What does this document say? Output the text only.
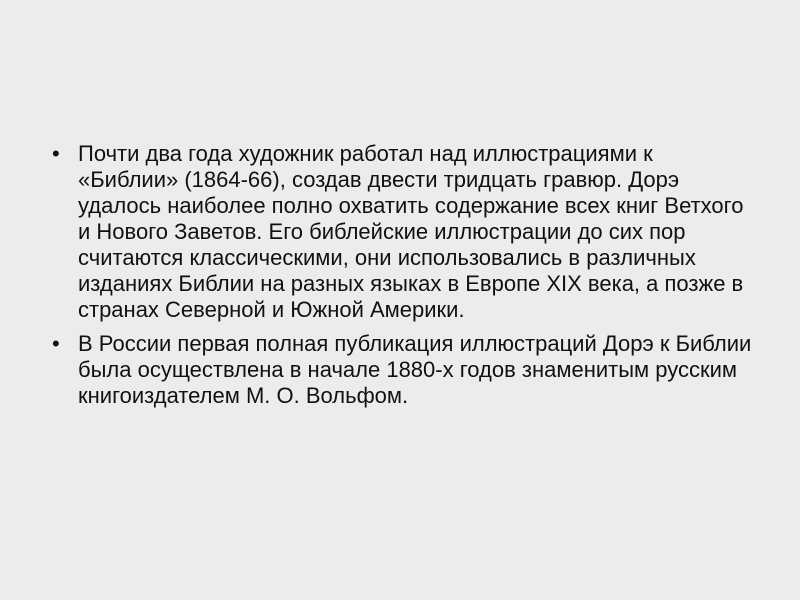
• Почти два года художник работал над иллюстрациями к «Библии» (1864-66), создав двести тридцать гравюр. Дорэ удалось наиболее полно охватить содержание всех книг Ветхого и Нового Заветов. Его библейские иллюстрации до сих пор считаются классическими, они использовались в различных изданиях Библии на разных языках в Европе XIX века, а позже в странах Северной и Южной Америки.
• В России первая полная публикация иллюстраций Дорэ к Библии была осуществлена в начале 1880-х годов знаменитым русским книгоиздателем М. О. Вольфом.
